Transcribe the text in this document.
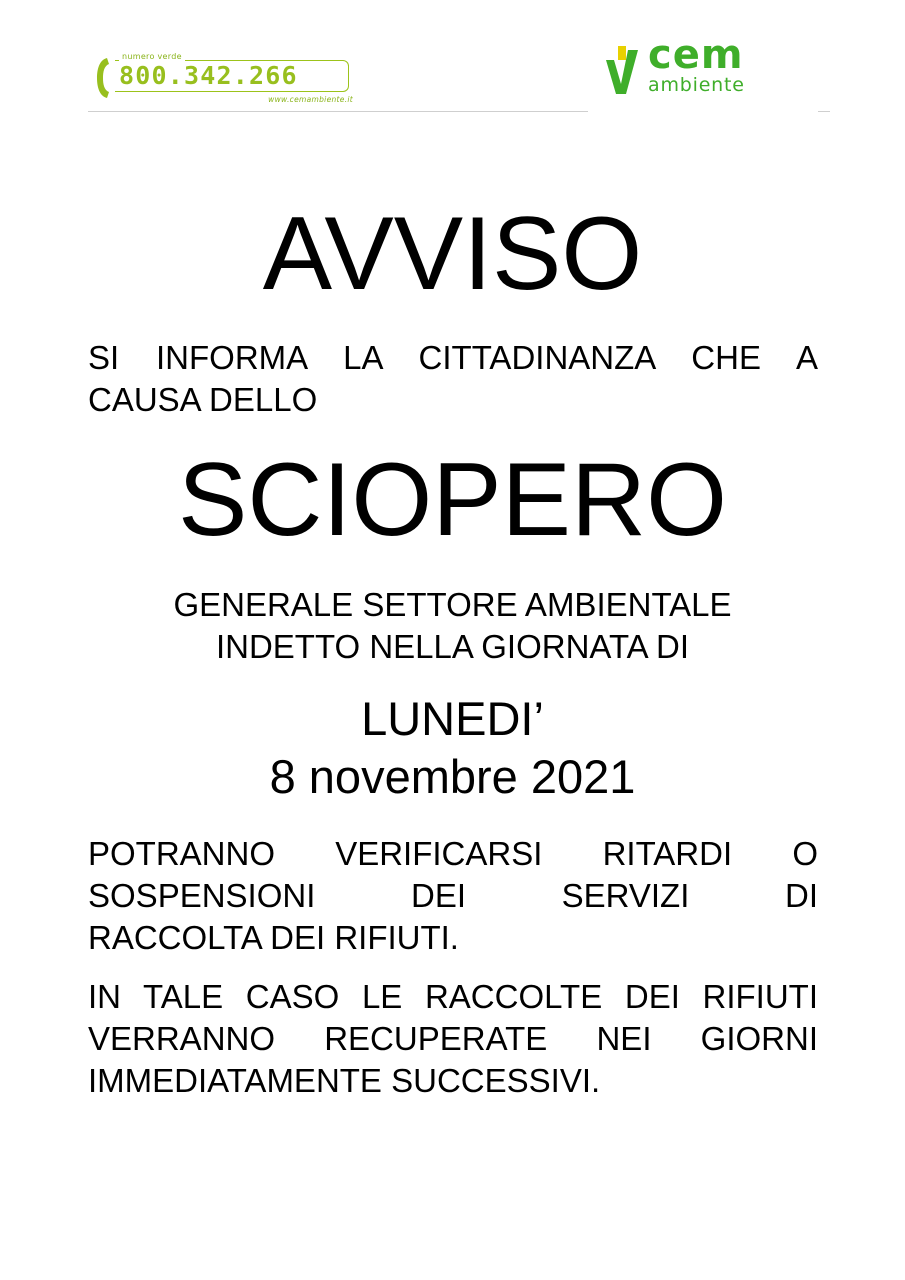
numero verde
800.342.266
www.cemambiente.it
cem
ambiente
AVVISO
SI INFORMA LA CITTADINANZA CHE A
CAUSA DELLO
SCIOPERO
GENERALE SETTORE AMBIENTALE
INDETTO NELLA GIORNATA DI
LUNEDI’
8 novembre 2021
POTRANNO VERIFICARSI RITARDI O
SOSPENSIONI DEI SERVIZI DI
RACCOLTA DEI RIFIUTI.
IN TALE CASO LE RACCOLTE DEI RIFIUTI
VERRANNO RECUPERATE NEI GIORNI
IMMEDIATAMENTE SUCCESSIVI.
